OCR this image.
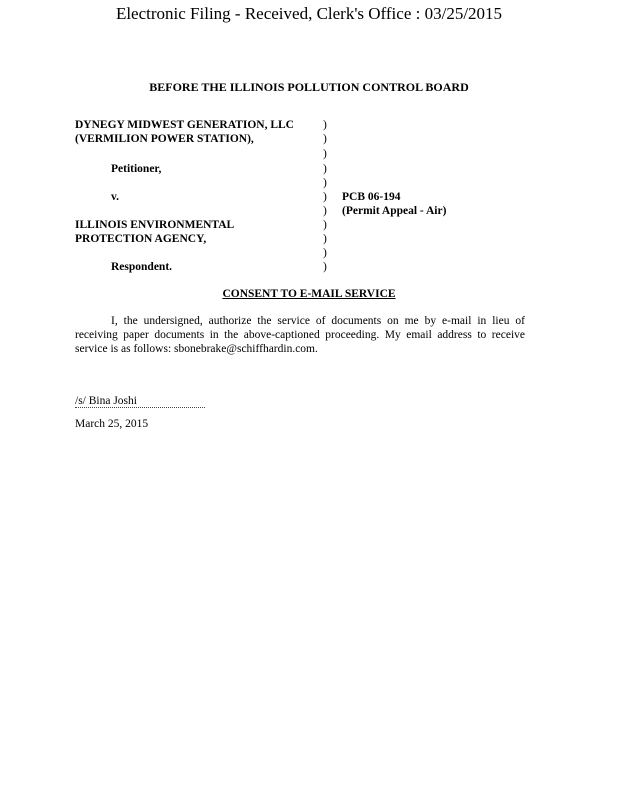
Electronic Filing - Received, Clerk's Office : 03/25/2015
BEFORE THE ILLINOIS POLLUTION CONTROL BOARD
DYNEGY MIDWEST GENERATION, LLC
(VERMILION POWER STATION),
Petitioner,
v.
ILLINOIS ENVIRONMENTAL
PROTECTION AGENCY,
Respondent.
)
)
)
)
)
)
)
)
)
)
)
PCB 06-194
(Permit Appeal - Air)
CONSENT TO E-MAIL SERVICE
I, the undersigned, authorize the service of documents on me by e-mail in lieu of receiving paper documents in the above-captioned proceeding. My email address to receive service is as follows: sbonebrake@schiffhardin.com.
/s/ Bina Joshi
March 25, 2015
